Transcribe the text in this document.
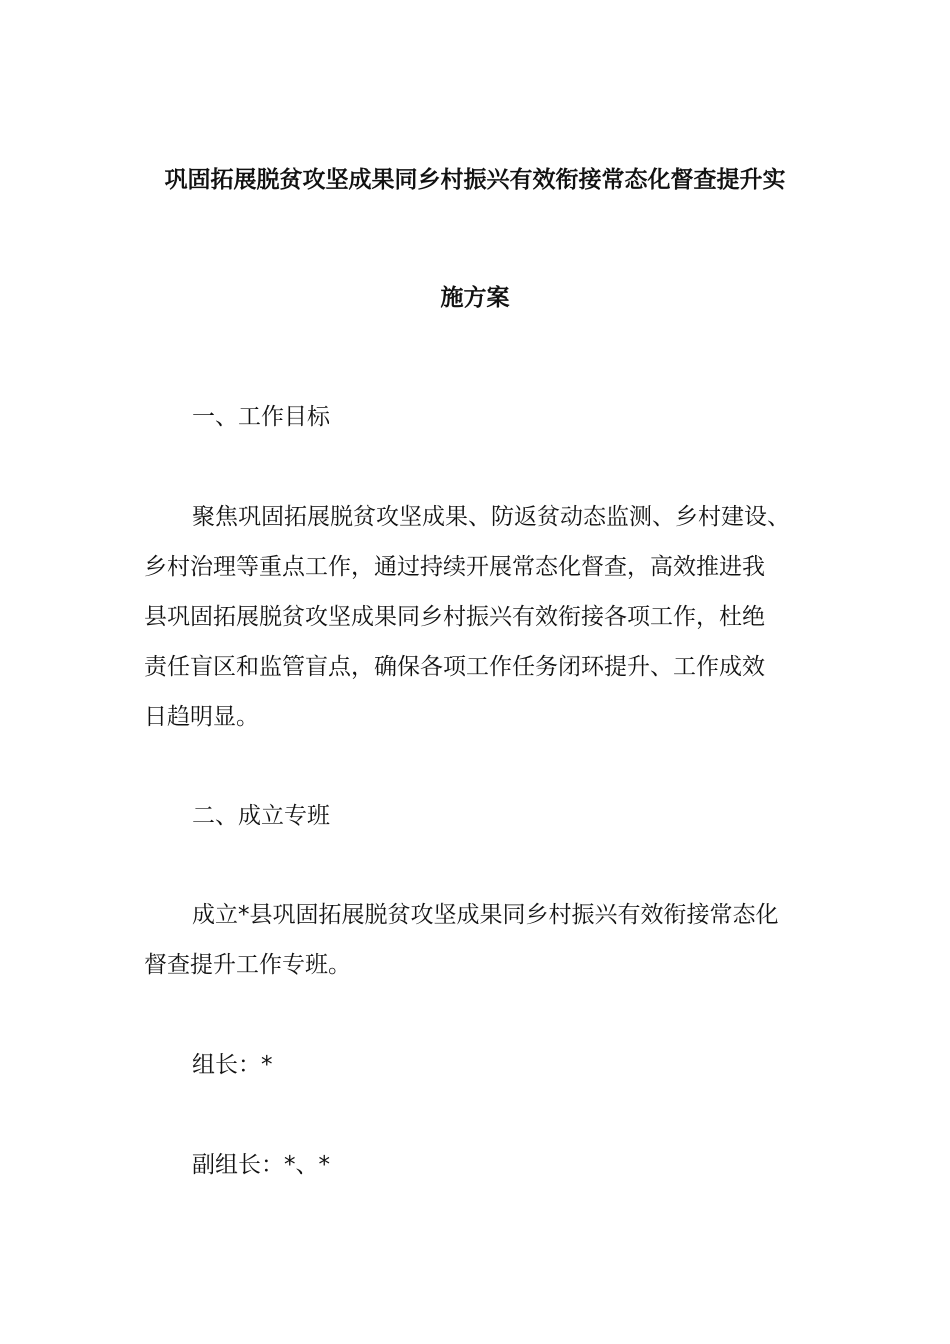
巩固拓展脱贫攻坚成果同乡村振兴有效衔接常态化督查提升实
施方案
一、工作目标
聚焦巩固拓展脱贫攻坚成果、防返贫动态监测、乡村建设、
乡村治理等重点工作，通过持续开展常态化督查，高效推进我
县巩固拓展脱贫攻坚成果同乡村振兴有效衔接各项工作，杜绝
责任盲区和监管盲点，确保各项工作任务闭环提升、工作成效
日趋明显。
二、成立专班
成立*县巩固拓展脱贫攻坚成果同乡村振兴有效衔接常态化
督查提升工作专班。
组长：*
副组长：*、*
